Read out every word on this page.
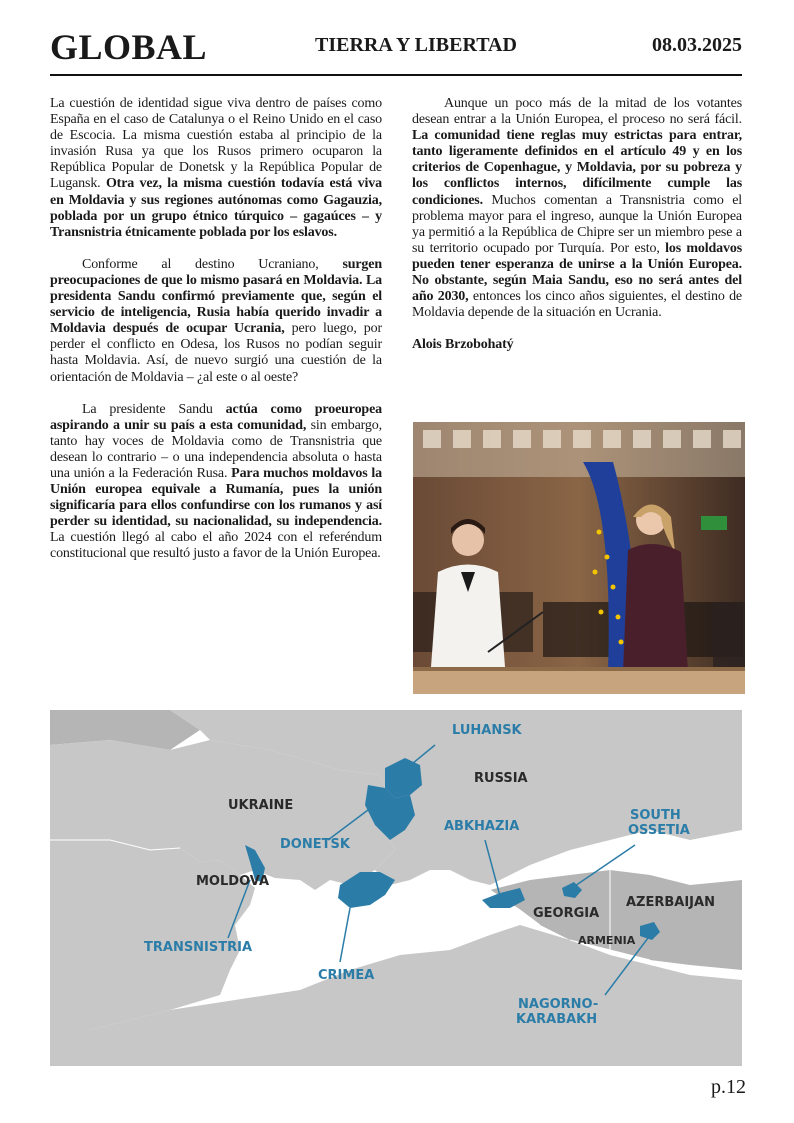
GLOBAL	TIERRA Y LIBERTAD	08.03.2025

La cuestión de identidad sigue viva dentro de países como España en el caso de Catalunya o el Reino Unido en el caso de Escocia. La misma cuestión estaba al principio de la invasión Rusa ya que los Rusos primero ocuparon la República Popular de Donetsk y la República Popular de Lugansk. Otra vez, la misma cuestión todavía está viva en Moldavia y sus regiones autónomas como Gagauzia, poblada por un grupo étnico túrquico – gagaúces – y Transnistria étnicamente poblada por los eslavos.

Conforme al destino Ucraniano, surgen preocupaciones de que lo mismo pasará en Moldavia. La presidenta Sandu confirmó previamente que, según el servicio de inteligencia, Rusia había querido invadir a Moldavia después de ocupar Ucrania, pero luego, por perder el conflicto en Odesa, los Rusos no podían seguir hasta Moldavia. Así, de nuevo surgió una cuestión de la orientación de Moldavia – ¿al este o al oeste?

La presidente Sandu actúa como proeuropea aspirando a unir su país a esta comunidad, sin embargo, tanto hay voces de Moldavia como de Transnistria que desean lo contrario – o una independencia absoluta o hasta una unión a la Federación Rusa. Para muchos moldavos la Unión europea equivale a Rumanía, pues la unión significaría para ellos confundirse con los rumanos y así perder su identidad, su nacionalidad, su independencia. La cuestión llegó al cabo el año 2024 con el referéndum constitucional que resultó justo a favor de la Unión Europea.

Aunque un poco más de la mitad de los votantes desean entrar a la Unión Europea, el proceso no será fácil. La comunidad tiene reglas muy estrictas para entrar, tanto ligeramente definidos en el artículo 49 y en los criterios de Copenhague, y Moldavia, por su pobreza y los conflictos internos, difícilmente cumple las condiciones. Muchos comentan a Transnistria como el problema mayor para el ingreso, aunque la Unión Europea ya permitió a la República de Chipre ser un miembro pese a su territorio ocupado por Turquía. Por esto, los moldavos pueden tener esperanza de unirse a la Unión Europea. No obstante, según Maia Sandu, eso no será antes del año 2030, entonces los cinco años siguientes, el destino de Moldavia depende de la situación en Ucrania.

Alois Brzobohatý
LUHANSK
RUSSIA
UKRAINE
DONETSK
ABKHAZIA
SOUTH
OSSETIA
MOLDOVA
TRANSNISTRIA
CRIMEA
GEORGIA
AZERBAIJAN
ARMENIA
NAGORNO-
KARABAKH
p.12
